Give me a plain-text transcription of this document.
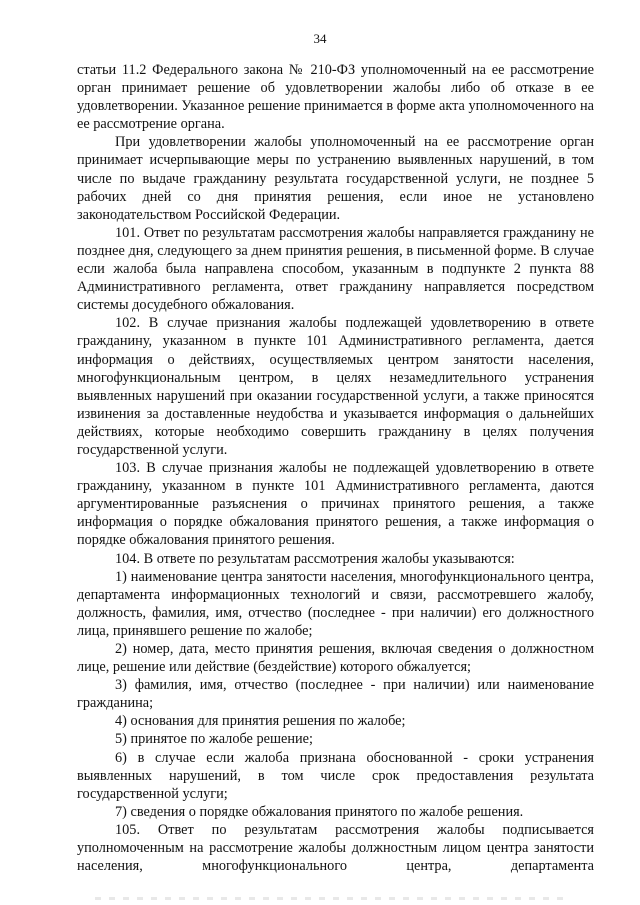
34

статьи 11.2 Федерального закона № 210-ФЗ уполномоченный на ее рассмотрение орган принимает решение об удовлетворении жалобы либо об отказе в ее удовлетворении. Указанное решение принимается в форме акта уполномоченного на ее рассмотрение органа.

При удовлетворении жалобы уполномоченный на ее рассмотрение орган принимает исчерпывающие меры по устранению выявленных нарушений, в том числе по выдаче гражданину результата государственной услуги, не позднее 5 рабочих дней со дня принятия решения, если иное не установлено законодательством Российской Федерации.

101. Ответ по результатам рассмотрения жалобы направляется гражданину не позднее дня, следующего за днем принятия решения, в письменной форме. В случае если жалоба была направлена способом, указанным в подпункте 2 пункта 88 Административного регламента, ответ гражданину направляется посредством системы досудебного обжалования.

102. В случае признания жалобы подлежащей удовлетворению в ответе гражданину, указанном в пункте 101 Административного регламента, дается информация о действиях, осуществляемых центром занятости населения, многофункциональным центром, в целях незамедлительного устранения выявленных нарушений при оказании государственной услуги, а также приносятся извинения за доставленные неудобства и указывается информация о дальнейших действиях, которые необходимо совершить гражданину в целях получения государственной услуги.

103. В случае признания жалобы не подлежащей удовлетворению в ответе гражданину, указанном в пункте 101 Административного регламента, даются аргументированные разъяснения о причинах принятого решения, а также информация о порядке обжалования принятого решения, а также информация о порядке обжалования принятого решения.

104. В ответе по результатам рассмотрения жалобы указываются:

1) наименование центра занятости населения, многофункционального центра, департамента информационных технологий и связи, рассмотревшего жалобу, должность, фамилия, имя, отчество (последнее - при наличии) его должностного лица, принявшего решение по жалобе;

2) номер, дата, место принятия решения, включая сведения о должностном лице, решение или действие (бездействие) которого обжалуется;

3) фамилия, имя, отчество (последнее - при наличии) или наименование гражданина;

4) основания для принятия решения по жалобе;

5) принятое по жалобе решение;

6) в случае если жалоба признана обоснованной - сроки устранения выявленных нарушений, в том числе срок предоставления результата государственной услуги;

7) сведения о порядке обжалования принятого по жалобе решения.

105. Ответ по результатам рассмотрения жалобы подписывается уполномоченным на рассмотрение жалобы должностным лицом центра занятости населения, многофункционального центра, департамента
